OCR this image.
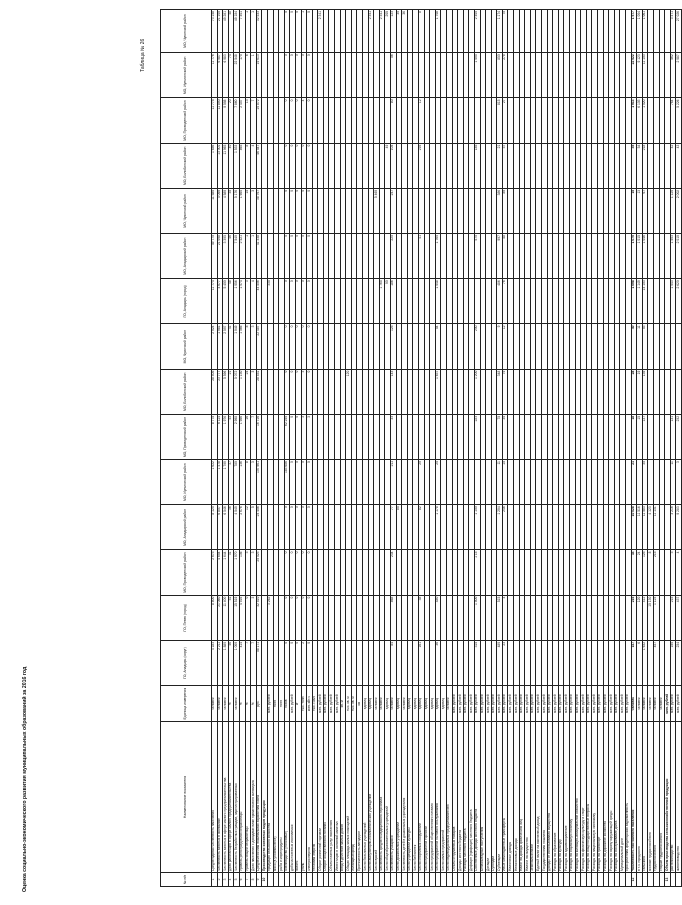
Оценка социально-экономического развития муниципальных образований за 2016 год
Таблица № 26
№ п/п	Наименование показателя	Единица измерения	ГО, Анадырь (округ)	ГО, Певек (город)	МО, Провиденский район	МО, Анадырский район	МО, Иультинский район	МО, Провиденский район	МО, Билибинский район	МО, Чукотский район	ГО, Анадырь (город)	МО, Анадырский район	МО, Чукотский район	МО, Билибинский район	МО, Провиденский район	МО, Иультинский район	МО, Чукотский район
1	Среднегодовая численность населения	человек	4 183	8 800	2 673	8 125	1 622	8 775	28 405	2 924	11 774	49 775	11 580	1 686	11 775	11 776	73 158
2	Численность занятых в экономике	человек	2 211	21 060	4 694	6 807	1 478	6 114	23 777	1 981	4 677	21 098	4 099	13 001	11 890	6 987	21 105
3	Численность занятых в сфере малого предпринимательства	человек	1 880	11 400	1 644	6 546	1 799	1 976	5 596	2 597	5 400	3 395	4 589	11 965	9 598	6 983	49 281
4	Доля работающих в сфере малого предпринимательства	%	46	51	31	36	37	43	21	41	48	46	35	40	20	74	48
5	Численность безработных граждан, зарегистрированных	человек	1 009	15 519	1 970	4 049	780	2 998	5 072	1 949	1 056	7 549	5 176	1 533	7 860	22 548	49 184
6	Уровень регистрируемой безработицы	%	414	4 916	136	2 676	136	1 956	1 150	1 066	1 074	2 421	1 660	865	2 457	175	7 401
7	Уровень общей безработицы	%	7	0	3	12	8	16	24	8	3	1	15	8	13	6	1
8	Доля населения с доходами ниже прожиточного минимума	%	7	3	3	5	3	7	3	3	4	1	3	4	7	1	1
9	Среднемесячная номинальная заработная плата	руб.	58 171	32 510	25 523	24 456	107 961	16 716	28 451	22 487	44 506	41 338	38 767	46 547	10 872	19 613	32 533
10	Производство основных видов продукции																
	продукция сельского хозяйства	млн. рублей		3 262							335						
	мясо (в убойном весе)	тонн															
	рыба и морепродукты	тонн															
	оленеводство (поголовье)	голов	0	0	0	0	183 686	62 240	0	0	0	0	0	0	0	0	0
	добыча полезных ископаемых	млн. рублей	0	0	0	0	0	0	0	0	0	0	0	0	0	0	0
	золото	кг	0	0	0	0	0	0	0	0	0	0	0	0	0	0	0
	уголь	тыс. тонн	2	0	0	0	0	3	3	0	0	0	0	0	4	0	1
	электроэнергия	млн. кВт.ч	0	0	0	0	0	3	0	0	0	0	0	0	0	0	0
	тепловая энергия	тыс. Гкал															
	Оборот розничной торговли	млн. рублей															2 341
	Оборот общественного питания	млн. рублей															
	Объем платных услуг населению	млн. рублей															
	Инвестиции в основной капитал	млн. рублей															
	Ввод в действие жилых домов	кв. м															
	Общая площадь жилых помещений	тыс. кв. м							120								
	Жилищный фонд	тыс. кв. м															
	Протяженность автодорог	км															
	Число больничных учреждений	единиц															
	Число амбулаторно-поликлинических учреждений	единиц															2 341
	Число врачей	человек											5 469				
	Численность среднего медицинского персонала	человек									1 765						2 341
	Число общеобразовательных учреждений	единиц									90			49			205
	Численность учащихся	человек	84	868	234	77	211	33	143	125	186	225	247	104	80	56	123
	Число дошкольных учреждений	единиц				85											30
	Численность детей в дошкольных учреждениях	человек															36
	Число учреждений культуры	единиц															
	Число библиотек	единиц															
	Число спортивных сооружений	единиц	161	38		82	29					41		216	12		8
	Число предприятий торговли	единиц															
	Число предприятий общественного питания	единиц															
	Число предприятий бытового обслуживания	единиц	36	480		1 178	20		1 637	54	1 048	1 760					1 708
	Число малых предприятий	единиц															
	Число индивидуальных предпринимателей	человек															
	Объем отгруженных товаров	млн. рублей															
	Доходы местного бюджета	млн. рублей															
	Расходы местного бюджета	млн. рублей															
	Дефицит (профицит) местного бюджета	млн. рублей															
	Собственные доходы местного бюджета	млн. рублей	315	1 500	1 15	1 100		223	1 200	200		570		185		1 095	2 400
	Безвозмездные поступления	млн. рублей															
	Дотации	млн. рублей															
	Субсидии	млн. рублей															
	Субвенции	млн. рублей	480	515		1 294	11	75	348	9	486	997	386	21	815	850	1 174
	Иные межбюджетные трансферты	млн. рублей	23	4		246	15	30	79	12	76	58	89	57	27	278	70
	Налоговые доходы	млн. рублей															
	Неналоговые доходы	млн. рублей															
	Налог на доходы физических лиц	млн. рублей															
	Налоги на имущество	млн. рублей															
	Земельный налог	млн. рублей															
	Единый налог на вмененный доход	млн. рублей															
	Государственная пошлина	млн. рублей															
	Доходы от использования имущества	млн. рублей															
	Расходы на образование	млн. рублей															
	Расходы на культуру	млн. рублей															
	Расходы на здравоохранение	млн. рублей															
	Расходы на социальную политику	млн. рублей															
	Расходы на жилищно-коммунальное хозяйство	млн. рублей															
	Расходы на физическую культуру и спорт	млн. рублей															
	Расходы на общегосударственные вопросы	млн. рублей															
	Расходы на национальную экономику	млн. рублей															
	Расходы на транспорт	млн. рублей															
	Расходы на дорожное хозяйство	млн. рублей															
	Расходы на охрану окружающей среды	млн. рублей															
	Расходы на обслуживание долга	млн. рублей															
	Муниципальный долг	млн. рублей															
	Просроченная кредиторская задолженность	млн. рублей															
12	Численность постоянного населения	человек	147	216	34	10 028	21	18	28	40	1 098	1 076	15	45	1 913	22 622	1 577
	в т.ч. городского	человек	6	120	24	11 516		15	19	11	1 149	1 015	13	54	6 103	9 123	1 004
	сельского	человек	1 632	412	125	11 583	35	137	139	93	14 103	1 046	67	218	1 520	11 103	1 061
	моложе трудоспособного	человек		10 130	8	4 123											
	трудоспособного	человек	457	1 123	215	11 131											
	старше трудоспособного	человек															
13	Объем производства сельскохозяйственной продукции	млн. рублей															
	растениеводство	млн. рублей	190	215	3	3 216	11	131			1 043	1 503	1 120	42	764	562	3 471
	животноводство	млн. рублей	234	437	4	9 283	3	232			2 620	2 019	2 002	43	5 226	2 087	27 026
